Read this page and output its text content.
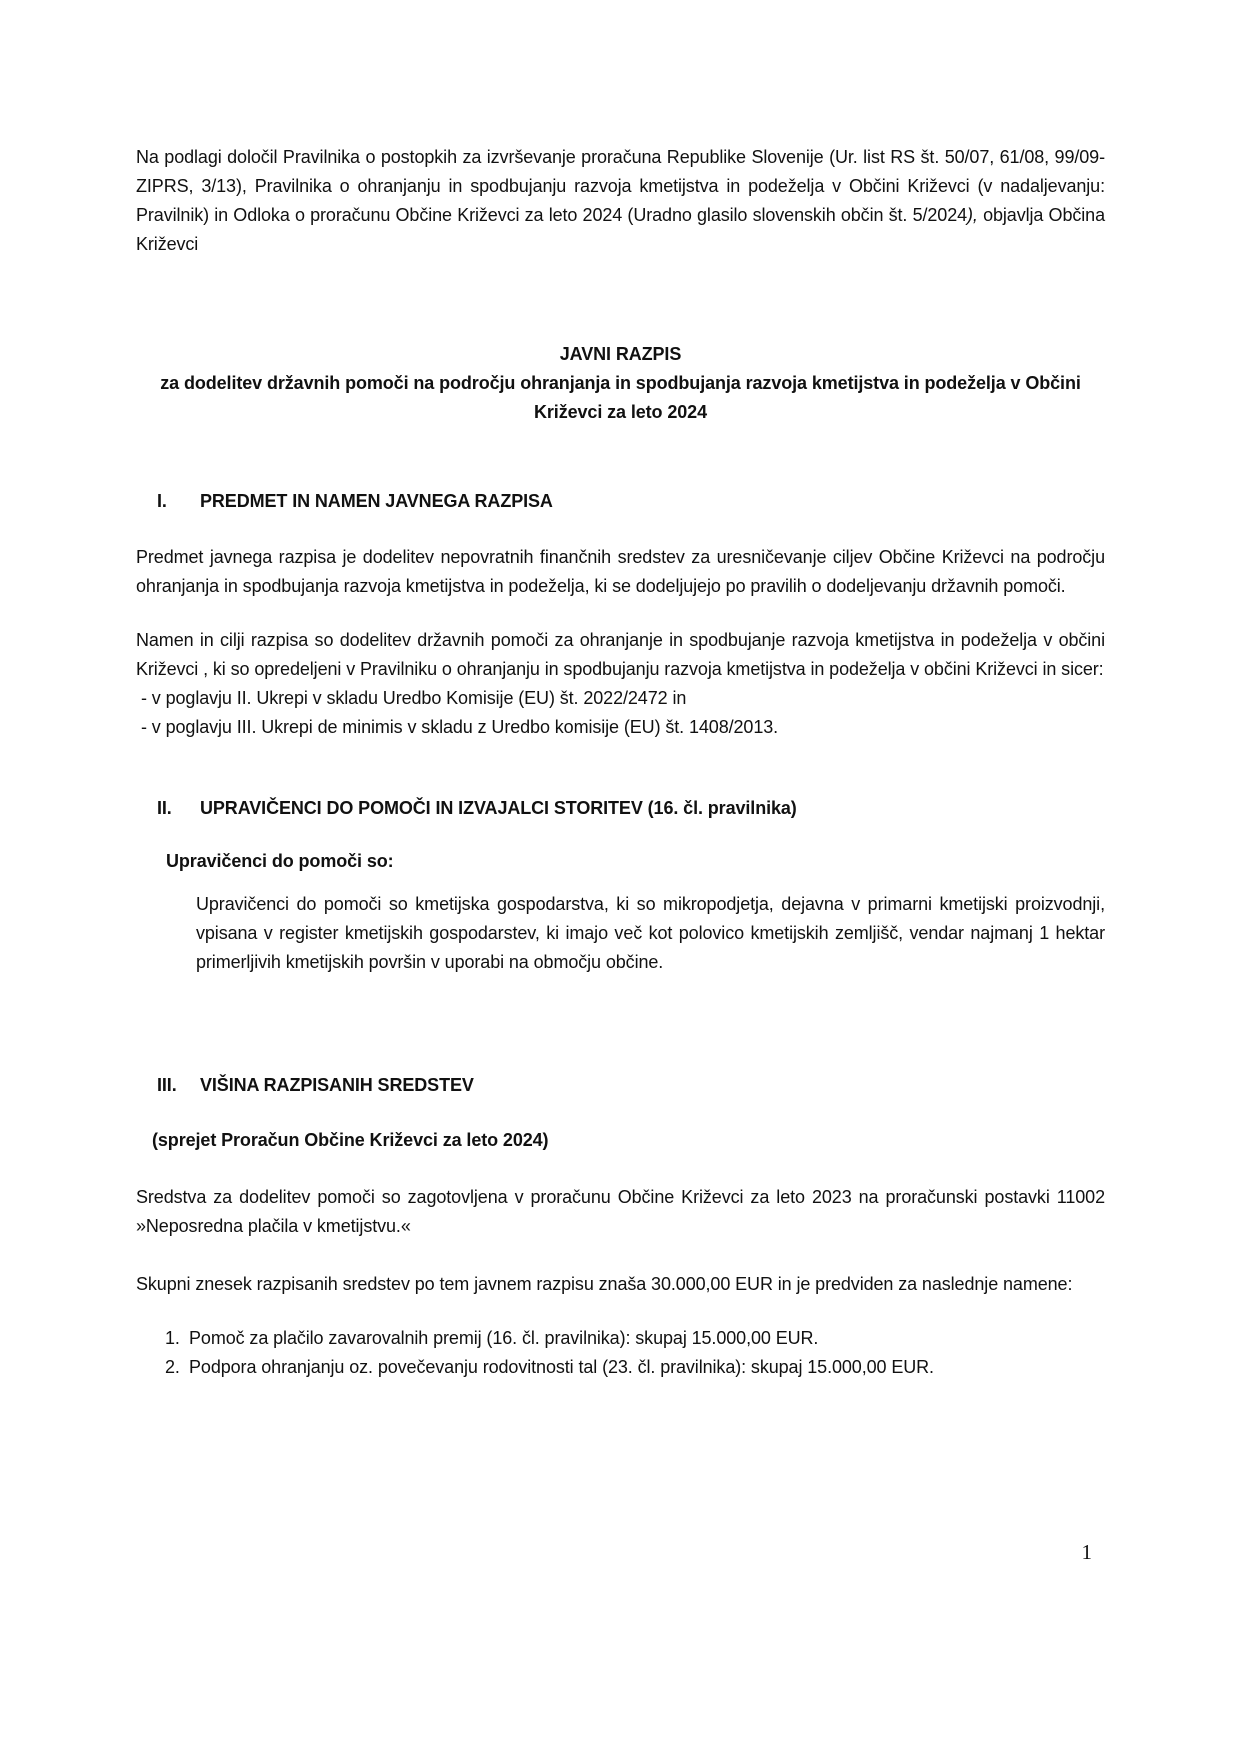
Na podlagi določil Pravilnika o postopkih za izvrševanje proračuna Republike Slovenije (Ur. list RS št. 50/07, 61/08, 99/09-ZIPRS, 3/13), Pravilnika o ohranjanju in spodbujanju razvoja kmetijstva in podeželja v Občini Križevci (v nadaljevanju: Pravilnik) in Odloka o proračunu Občine Križevci za leto 2024 (Uradno glasilo slovenskih občin št. 5/2024), objavlja Občina Križevci

JAVNI RAZPIS
za dodelitev državnih pomoči na področju ohranjanja in spodbujanja razvoja kmetijstva in podeželja v Občini Križevci za leto 2024
I.	PREDMET IN NAMEN JAVNEGA RAZPISA

Predmet javnega razpisa je dodelitev nepovratnih finančnih sredstev za uresničevanje ciljev Občine Križevci na področju ohranjanja in spodbujanja razvoja kmetijstva in podeželja, ki se dodeljujejo po pravilih o dodeljevanju državnih pomoči.

Namen in cilji razpisa so dodelitev državnih pomoči za ohranjanje in spodbujanje razvoja kmetijstva in podeželja v občini Križevci , ki so opredeljeni v Pravilniku o ohranjanju in spodbujanju razvoja kmetijstva in podeželja v občini Križevci in sicer:

- v poglavju II. Ukrepi v skladu Uredbo Komisije (EU) št. 2022/2472 in
- v poglavju III. Ukrepi de minimis v skladu z Uredbo komisije (EU) št. 1408/2013.
II.	UPRAVIČENCI DO POMOČI IN IZVAJALCI STORITEV (16. čl. pravilnika)
Upravičenci do pomoči so:

Upravičenci do pomoči so kmetijska gospodarstva, ki so mikropodjetja, dejavna v primarni kmetijski proizvodnji, vpisana v register kmetijskih gospodarstev, ki imajo več kot polovico kmetijskih zemljišč, vendar najmanj 1 hektar primerljivih kmetijskih površin v uporabi na območju občine.

III.	VIŠINA RAZPISANIH SREDSTEV
(sprejet Proračun Občine Križevci za leto 2024)

Sredstva za dodelitev pomoči so zagotovljena v proračunu Občine Križevci za leto 2023 na proračunski postavki 11002 »Neposredna plačila v kmetijstvu.«

Skupni znesek razpisanih sredstev po tem javnem razpisu znaša 30.000,00 EUR in je predviden za naslednje namene:

1. Pomoč za plačilo zavarovalnih premij (16. čl. pravilnika): skupaj 15.000,00 EUR.
2. Podpora ohranjanju oz. povečevanju rodovitnosti tal (23. čl. pravilnika): skupaj 15.000,00 EUR.
1
